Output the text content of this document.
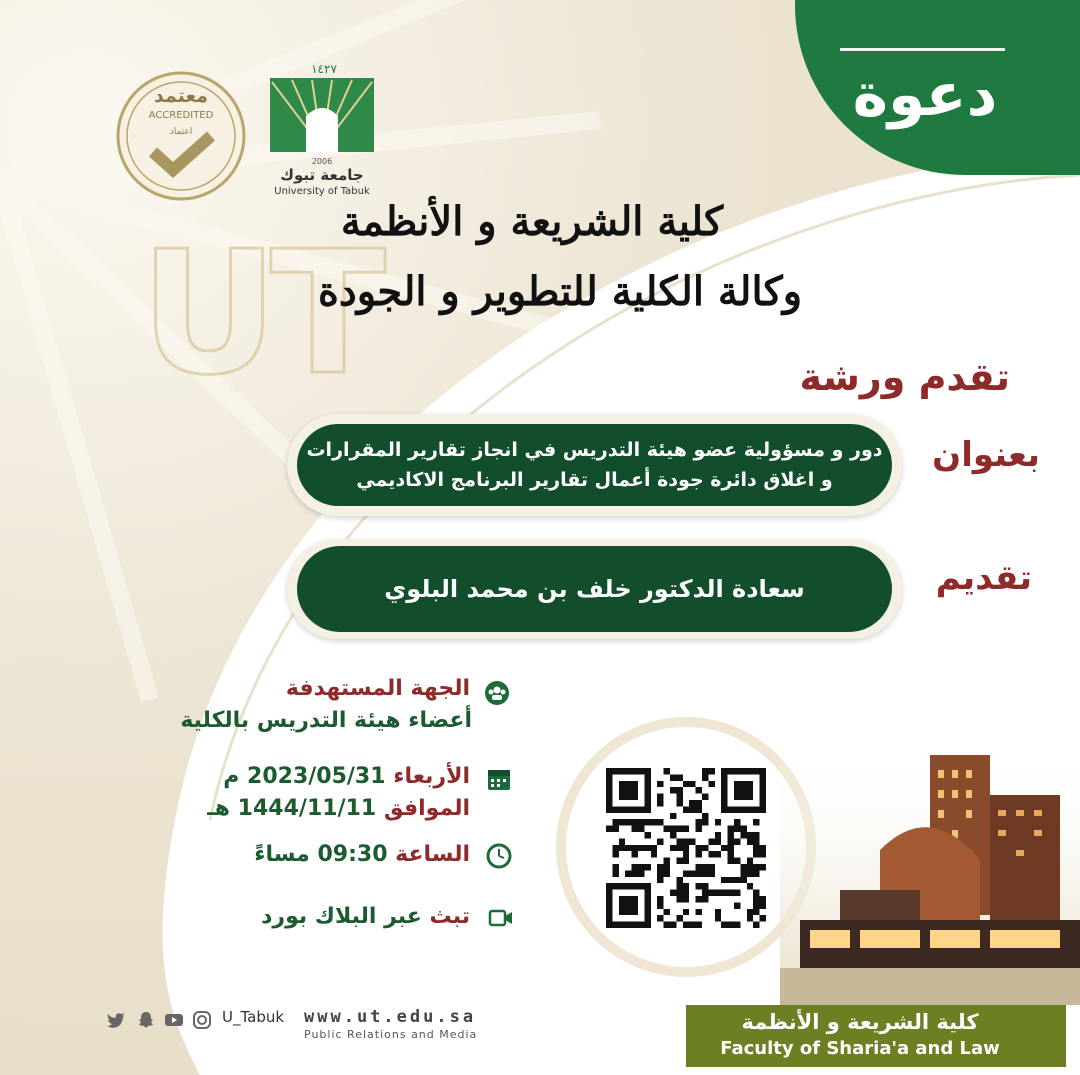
UT
معتمد
ACCREDITED
اعتماد
١٤٢٧
2006
جامعة تبوك
University of Tabuk
دعوة
كلية الشريعة و الأنظمة
وكالة الكلية للتطوير و الجودة
تقدم ورشة
بعنوان
دور و مسؤولية عضو هيئة التدريس في انجاز تقارير المقرارات
و اغلاق دائرة جودة أعمال تقارير البرنامج الاكاديمي
تقديم
سعادة الدكتور خلف بن محمد البلوي
الجهة المستهدفة
أعضاء هيئة التدريس بالكلية
الأربعاء 2023/05/31 م
الموافق 1444/11/11 هـ
الساعة 09:30 مساءً
تبث عبر البلاك بورد
كلية الشريعة و الأنظمة
Faculty of Sharia'a and Law
www.ut.edu.sa
Public Relations and Media
U_Tabuk
